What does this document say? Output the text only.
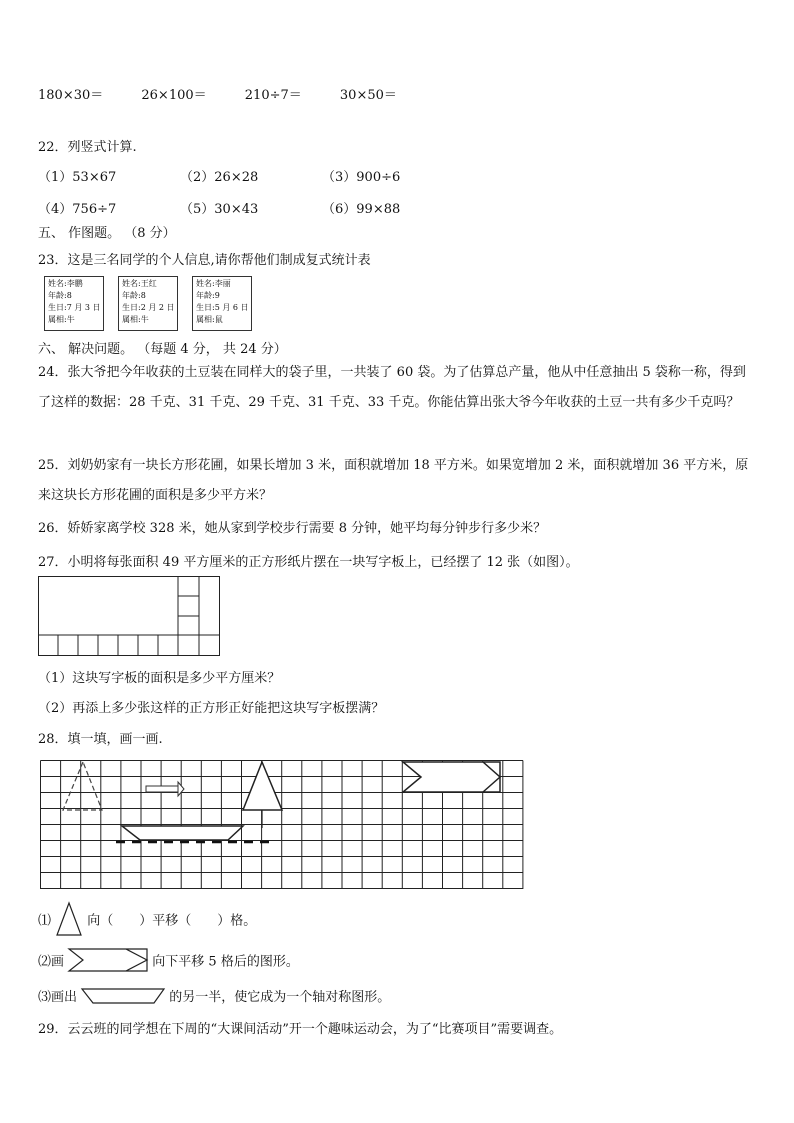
180×30＝	26×100＝	210÷7＝	30×50＝
22．列竖式计算.
（1）53×67	（2）26×28	（3）900÷6
（4）756÷7	（5）30×43	（6）99×88
五、 作图题。 （8 分）
23．这是三名同学的个人信息,请你帮他们制成复式统计表
姓名:李鹏
年龄:8
生日:7 月 3 日
属相:牛
姓名:王红
年龄:8
生日:2 月 2 日
属相:牛
姓名:李丽
年龄:9
生日:5 月 6 日
属相:鼠
六、 解决问题。 （每题 4 分， 共 24 分）
24．张大爷把今年收获的土豆装在同样大的袋子里，一共装了 60 袋。为了估算总产量，他从中任意抽出 5 袋称一称，得到了这样的数据：28 千克、31 千克、29 千克、31 千克、33 千克。你能估算出张大爷今年收获的土豆一共有多少千克吗？
25．刘奶奶家有一块长方形花圃，如果长增加 3 米，面积就增加 18 平方米。如果宽增加 2 米，面积就增加 36 平方米，原来这块长方形花圃的面积是多少平方米？
26．娇娇家离学校 328 米，她从家到学校步行需要 8 分钟，她平均每分钟步行多少米？
27．小明将每张面积 49 平方厘米的正方形纸片摆在一块写字板上，已经摆了 12 张（如图）。
（1）这块写字板的面积是多少平方厘米？
（2）再添上多少张这样的正方形正好能把这块写字板摆满？
28．填一填，画一画.
⑴	向（　　）平移（　　）格。
⑵画	向下平移 5 格后的图形。
⑶画出	的另一半，使它成为一个轴对称图形。
29．云云班的同学想在下周的“大课间活动”开一个趣味运动会，为了“比赛项目”需要调查。
